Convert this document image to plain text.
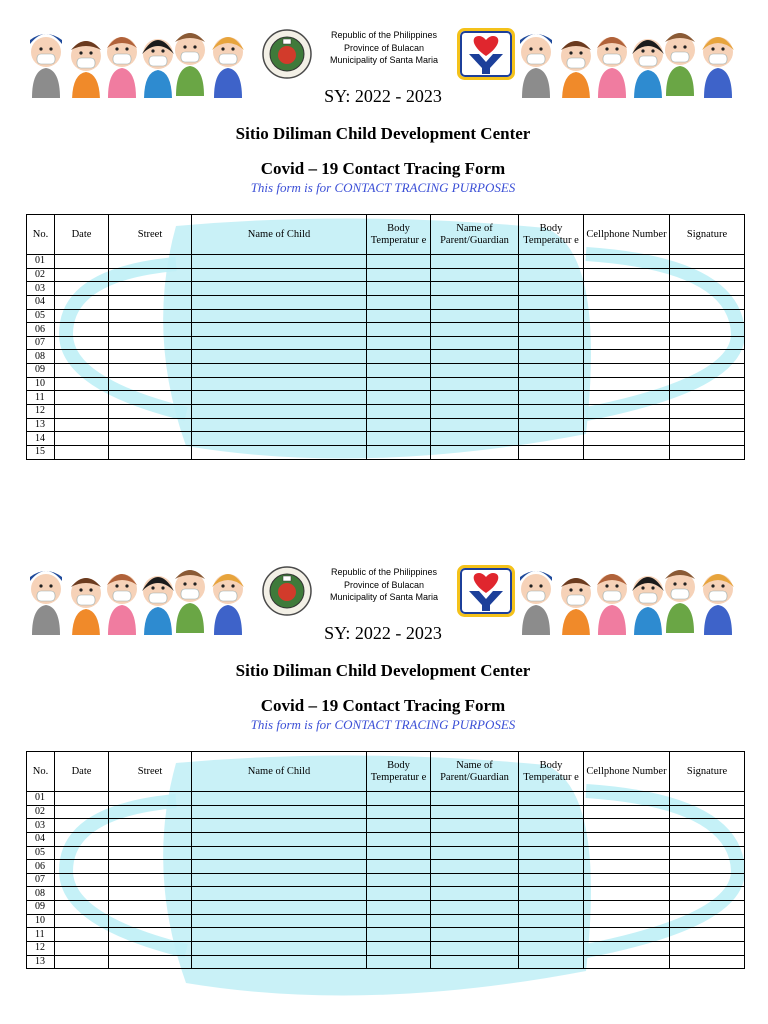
Republic of the Philippines
Province of Bulacan
Municipality of Santa Maria
SY: 2022 - 2023
Sitio Diliman Child Development Center
Covid – 19 Contact Tracing Form
This form is for CONTACT TRACING PURPOSES
No.	Date	Street	Name of Child	Body Temperatur e	Name of Parent/Guardian	Body Temperatur e	Cellphone Number	Signature
01								
02								
03								
04								
05								
06								
07								
08								
09								
10								
11								
12								
13								
14								
15								
Republic of the Philippines
Province of Bulacan
Municipality of Santa Maria
SY: 2022 - 2023
Sitio Diliman Child Development Center
Covid – 19 Contact Tracing Form
This form is for CONTACT TRACING PURPOSES
No.	Date	Street	Name of Child	Body Temperatur e	Name of Parent/Guardian	Body Temperatur e	Cellphone Number	Signature
01								
02								
03								
04								
05								
06								
07								
08								
09								
10								
11								
12								
13								
